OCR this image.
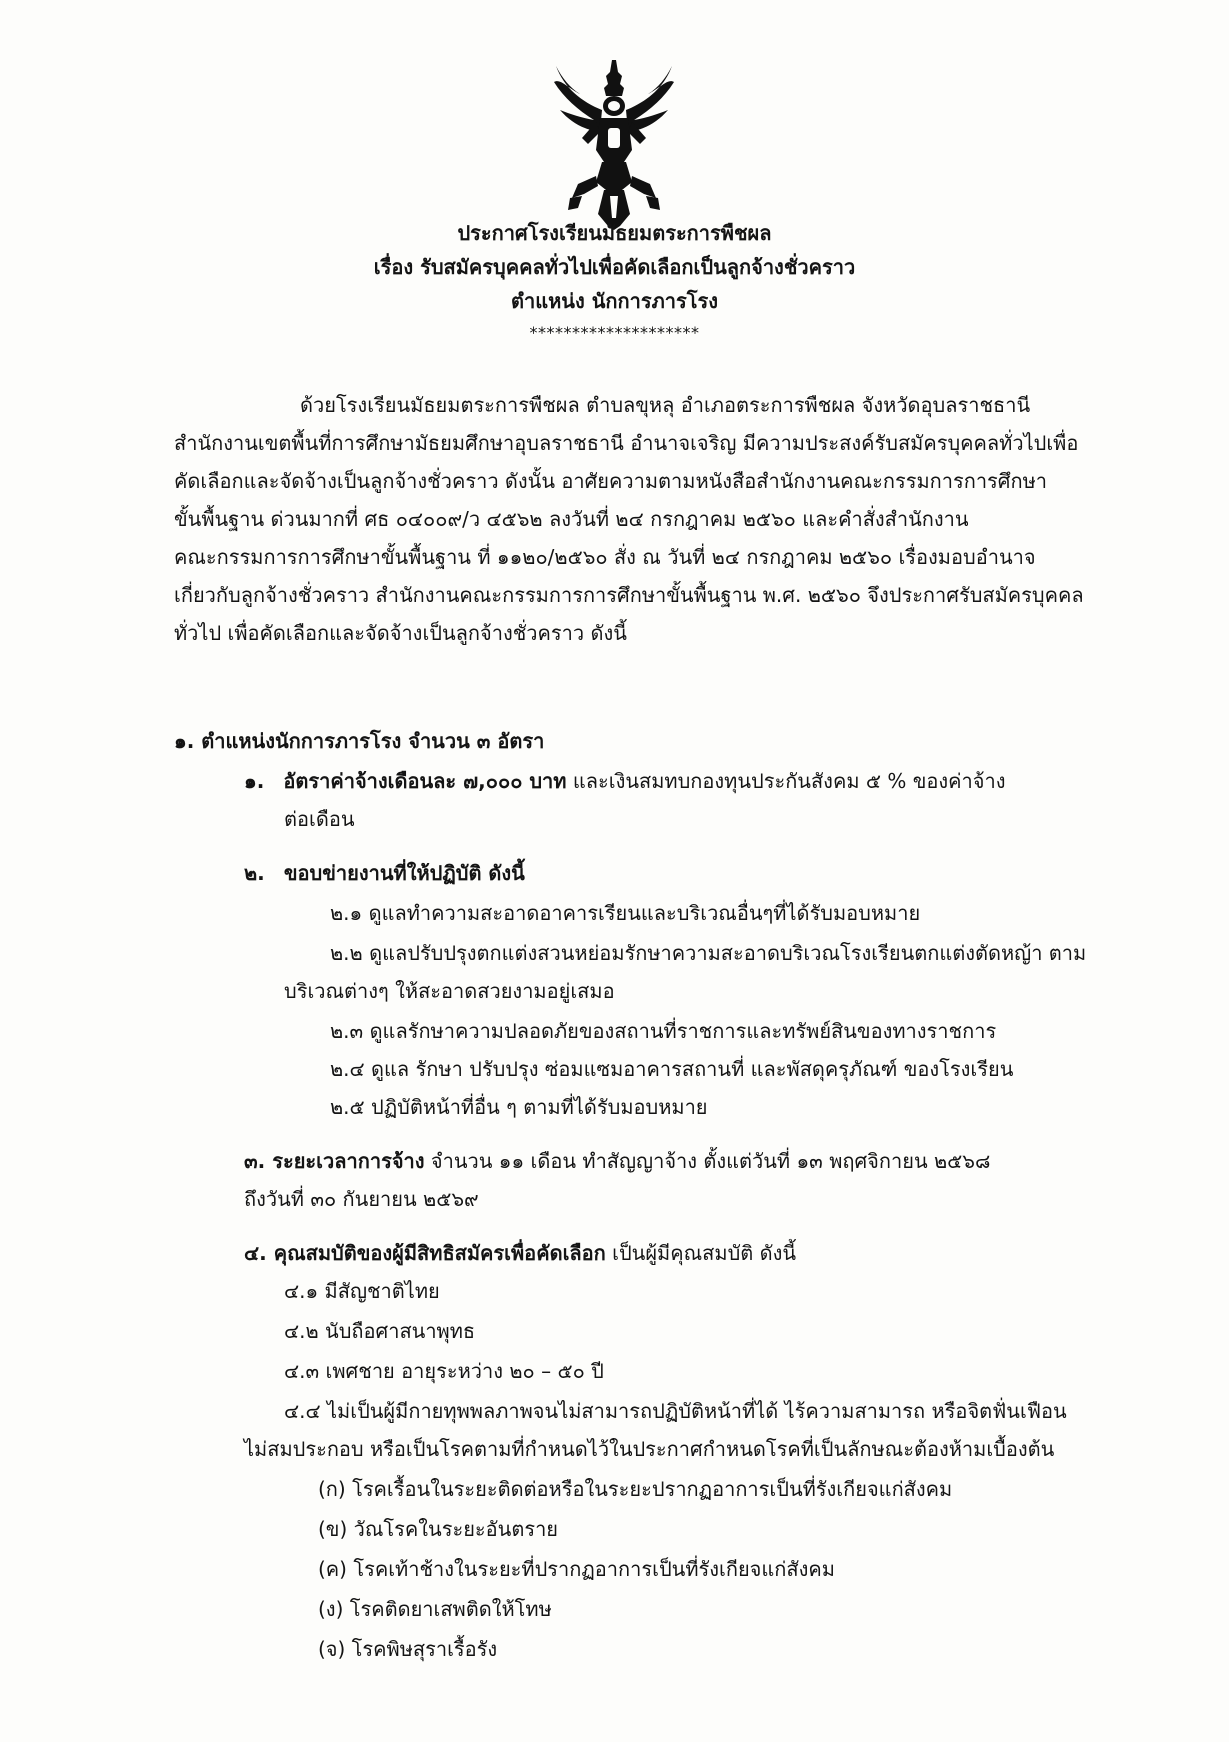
ประกาศโรงเรียนมัธยมตระการพืชผล
เรื่อง รับสมัครบุคคลทั่วไปเพื่อคัดเลือกเป็นลูกจ้างชั่วคราว
ตำแหน่ง นักการภารโรง
********************
ด้วยโรงเรียนมัธยมตระการพืชผล ตำบลขุหลุ อำเภอตระการพืชผล จังหวัดอุบลราชธานี
สำนักงานเขตพื้นที่การศึกษามัธยมศึกษาอุบลราชธานี อำนาจเจริญ มีความประสงค์รับสมัครบุคคลทั่วไปเพื่อ
คัดเลือกและจัดจ้างเป็นลูกจ้างชั่วคราว ดังนั้น อาศัยความตามหนังสือสำนักงานคณะกรรมการการศึกษา
ขั้นพื้นฐาน ด่วนมากที่ ศธ ๐๔๐๐๙/ว ๔๕๖๒ ลงวันที่ ๒๔ กรกฎาคม ๒๕๖๐ และคำสั่งสำนักงาน
คณะกรรมการการศึกษาขั้นพื้นฐาน ที่ ๑๑๒๐/๒๕๖๐ สั่ง ณ วันที่ ๒๔ กรกฎาคม ๒๕๖๐ เรื่องมอบอำนาจ
เกี่ยวกับลูกจ้างชั่วคราว สำนักงานคณะกรรมการการศึกษาขั้นพื้นฐาน พ.ศ. ๒๕๖๐ จึงประกาศรับสมัครบุคคล
ทั่วไป เพื่อคัดเลือกและจัดจ้างเป็นลูกจ้างชั่วคราว ดังนี้
๑. ตำแหน่งนักการภารโรง จำนวน ๓ อัตรา
๑. อัตราค่าจ้างเดือนละ ๗,๐๐๐ บาท และเงินสมทบกองทุนประกันสังคม ๕ % ของค่าจ้าง
ต่อเดือน
๒. ขอบข่ายงานที่ให้ปฏิบัติ ดังนี้
๒.๑ ดูแลทำความสะอาดอาคารเรียนและบริเวณอื่นๆที่ได้รับมอบหมาย
๒.๒ ดูแลปรับปรุงตกแต่งสวนหย่อมรักษาความสะอาดบริเวณโรงเรียนตกแต่งตัดหญ้า ตาม
บริเวณต่างๆ ให้สะอาดสวยงามอยู่เสมอ
๒.๓ ดูแลรักษาความปลอดภัยของสถานที่ราชการและทรัพย์สินของทางราชการ
๒.๔ ดูแล รักษา ปรับปรุง ซ่อมแซมอาคารสถานที่ และพัสดุครุภัณฑ์ ของโรงเรียน
๒.๕ ปฏิบัติหน้าที่อื่น ๆ ตามที่ได้รับมอบหมาย
๓. ระยะเวลาการจ้าง จำนวน ๑๑ เดือน ทำสัญญาจ้าง ตั้งแต่วันที่ ๑๓ พฤศจิกายน ๒๕๖๘
ถึงวันที่ ๓๐ กันยายน ๒๕๖๙
๔. คุณสมบัติของผู้มีสิทธิสมัครเพื่อคัดเลือก เป็นผู้มีคุณสมบัติ ดังนี้
๔.๑ มีสัญชาติไทย
๔.๒ นับถือศาสนาพุทธ
๔.๓ เพศชาย อายุระหว่าง ๒๐ – ๕๐ ปี
๔.๔ ไม่เป็นผู้มีกายทุพพลภาพจนไม่สามารถปฏิบัติหน้าที่ได้ ไร้ความสามารถ หรือจิตฟั่นเฟือน
ไม่สมประกอบ หรือเป็นโรคตามที่กำหนดไว้ในประกาศกำหนดโรคที่เป็นลักษณะต้องห้ามเบื้องต้น
(ก) โรคเรื้อนในระยะติดต่อหรือในระยะปรากฏอาการเป็นที่รังเกียจแก่สังคม
(ข) วัณโรคในระยะอันตราย
(ค) โรคเท้าช้างในระยะที่ปรากฏอาการเป็นที่รังเกียจแก่สังคม
(ง) โรคติดยาเสพติดให้โทษ
(จ) โรคพิษสุราเรื้อรัง
